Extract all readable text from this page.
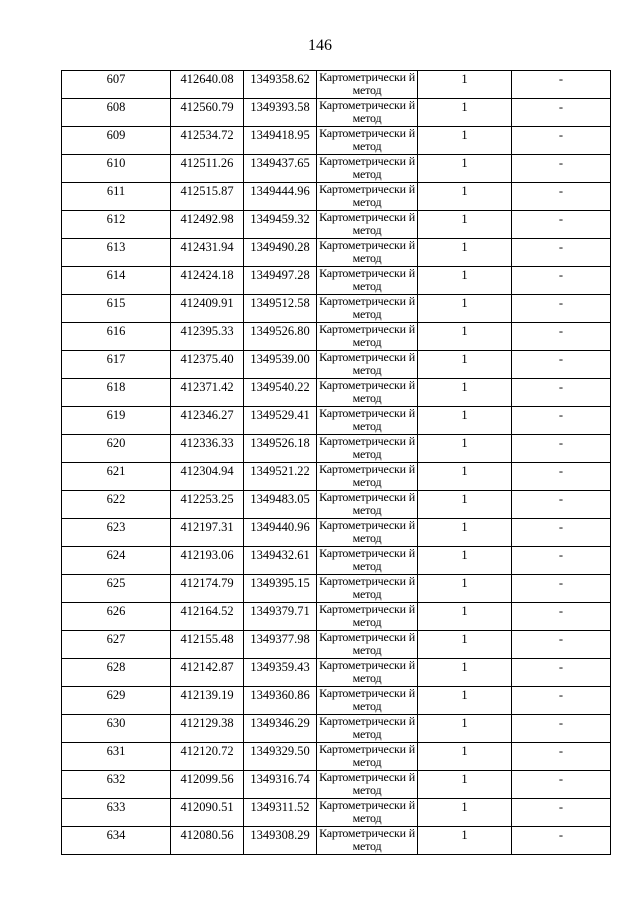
146
607	412640.08	1349358.62	Картометрически й метод	1	-
608	412560.79	1349393.58	Картометрически й метод	1	-
609	412534.72	1349418.95	Картометрически й метод	1	-
610	412511.26	1349437.65	Картометрически й метод	1	-
611	412515.87	1349444.96	Картометрически й метод	1	-
612	412492.98	1349459.32	Картометрически й метод	1	-
613	412431.94	1349490.28	Картометрически й метод	1	-
614	412424.18	1349497.28	Картометрически й метод	1	-
615	412409.91	1349512.58	Картометрически й метод	1	-
616	412395.33	1349526.80	Картометрически й метод	1	-
617	412375.40	1349539.00	Картометрически й метод	1	-
618	412371.42	1349540.22	Картометрически й метод	1	-
619	412346.27	1349529.41	Картометрически й метод	1	-
620	412336.33	1349526.18	Картометрически й метод	1	-
621	412304.94	1349521.22	Картометрически й метод	1	-
622	412253.25	1349483.05	Картометрически й метод	1	-
623	412197.31	1349440.96	Картометрически й метод	1	-
624	412193.06	1349432.61	Картометрически й метод	1	-
625	412174.79	1349395.15	Картометрически й метод	1	-
626	412164.52	1349379.71	Картометрически й метод	1	-
627	412155.48	1349377.98	Картометрически й метод	1	-
628	412142.87	1349359.43	Картометрически й метод	1	-
629	412139.19	1349360.86	Картометрически й метод	1	-
630	412129.38	1349346.29	Картометрически й метод	1	-
631	412120.72	1349329.50	Картометрически й метод	1	-
632	412099.56	1349316.74	Картометрически й метод	1	-
633	412090.51	1349311.52	Картометрически й метод	1	-
634	412080.56	1349308.29	Картометрически й метод	1	-
